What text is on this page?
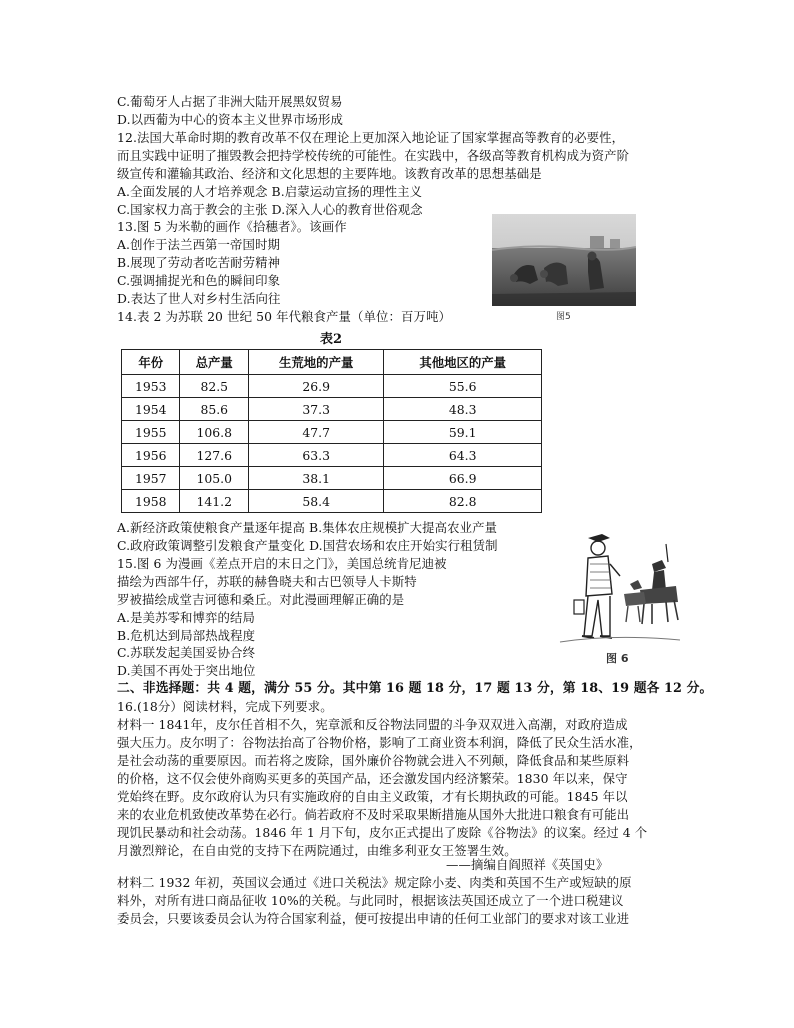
C.葡萄牙人占据了非洲大陆开展黑奴贸易
D.以西葡为中心的资本主义世界市场形成
12.法国大革命时期的教育改革不仅在理论上更加深入地论证了国家掌握高等教育的必要性，
而且实践中证明了摧毁教会把持学校传统的可能性。在实践中，各级高等教育机构成为资产阶
级宣传和灌输其政治、经济和文化思想的主要阵地。该教育改革的思想基础是
A.全面发展的人才培养观念 B.启蒙运动宣扬的理性主义
C.国家权力高于教会的主张 D.深入人心的教育世俗观念
13.图 5 为米勒的画作《拾穗者》。该画作
A.创作于法兰西第一帝国时期
B.展现了劳动者吃苦耐劳精神
C.强调捕捉光和色的瞬间印象
D.表达了世人对乡村生活向往
14.表 2 为苏联 20 世纪 50 年代粮食产量（单位：百万吨）	图5
表2
年份	总产量	生荒地的产量	其他地区的产量
1953	82.5	26.9	55.6
1954	85.6	37.3	48.3
1955	106.8	47.7	59.1
1956	127.6	63.3	64.3
1957	105.0	38.1	66.9
1958	141.2	58.4	82.8
A.新经济政策使粮食产量逐年提高 B.集体农庄规模扩大提高农业产量
C.政府政策调整引发粮食产量变化 D.国营农场和农庄开始实行租赁制
15.图 6 为漫画《差点开启的末日之门》，美国总统肯尼迪被
描绘为西部牛仔，苏联的赫鲁晓夫和古巴领导人卡斯特
罗被描绘成堂吉诃德和桑丘。对此漫画理解正确的是
A.是美苏零和博弈的结局
B.危机达到局部热战程度
C.苏联发起美国妥协合终
D.美国不再处于突出地位
图 6
二、非选择题：共 4 题，满分 55 分。其中第 16 题 18 分，17 题 13 分，第 18、19 题各 12 分。
16.(18分）阅读材料，完成下列要求。
材料一 1841年，皮尔任首相不久，宪章派和反谷物法同盟的斗争双双进入高潮，对政府造成
强大压力。皮尔明了：谷物法抬高了谷物价格，影响了工商业资本利润，降低了民众生活水准，
是社会动荡的重要原因。而若将之废除，国外廉价谷物就会进入不列颠，降低食品和某些原料
的价格，这不仅会使外商购买更多的英国产品，还会激发国内经济繁荣。1830 年以来，保守
党始终在野。皮尔政府认为只有实施政府的自由主义政策，才有长期执政的可能。1845 年以
来的农业危机致使改革势在必行。倘若政府不及时采取果断措施从国外大批进口粮食有可能出
现饥民暴动和社会动荡。1846 年 1 月下旬，皮尔正式提出了废除《谷物法》的议案。经过 4 个
月激烈辩论，在自由党的支持下在两院通过，由维多利亚女王签署生效。
——摘编自阎照祥《英国史》
材料二 1932 年初，英国议会通过《进口关税法》规定除小麦、肉类和英国不生产或短缺的原
料外，对所有进口商品征收 10%的关税。与此同时，根据该法英国还成立了一个进口税建议
委员会，只要该委员会认为符合国家利益，便可按提出申请的任何工业部门的要求对该工业进
